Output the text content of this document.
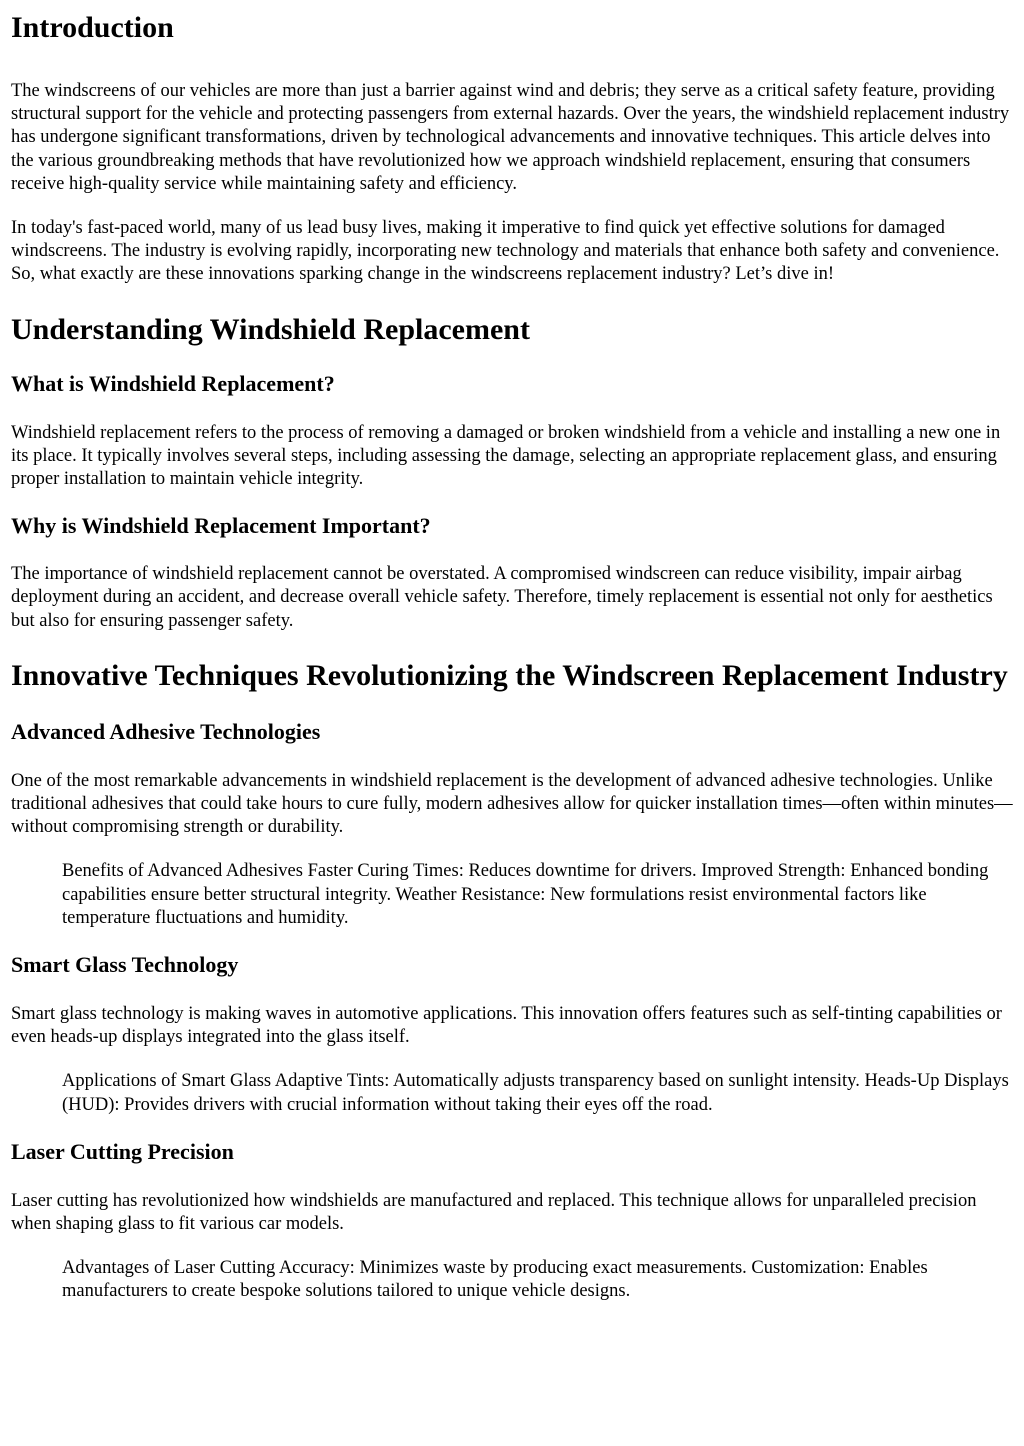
Introduction

The windscreens of our vehicles are more than just a barrier against wind and debris; they serve as a critical safety feature, providing structural support for the vehicle and protecting passengers from external hazards. Over the years, the windshield replacement industry has undergone significant transformations, driven by technological advancements and innovative techniques. This article delves into the various groundbreaking methods that have revolutionized how we approach windshield replacement, ensuring that consumers receive high-quality service while maintaining safety and efficiency.

In today's fast-paced world, many of us lead busy lives, making it imperative to find quick yet effective solutions for damaged windscreens. The industry is evolving rapidly, incorporating new technology and materials that enhance both safety and convenience. So, what exactly are these innovations sparking change in the windscreens replacement industry? Let’s dive in!

Understanding Windshield Replacement
What is Windshield Replacement?

Windshield replacement refers to the process of removing a damaged or broken windshield from a vehicle and installing a new one in its place. It typically involves several steps, including assessing the damage, selecting an appropriate replacement glass, and ensuring proper installation to maintain vehicle integrity.

Why is Windshield Replacement Important?

The importance of windshield replacement cannot be overstated. A compromised windscreen can reduce visibility, impair airbag deployment during an accident, and decrease overall vehicle safety. Therefore, timely replacement is essential not only for aesthetics but also for ensuring passenger safety.

Innovative Techniques Revolutionizing the Windscreen Replacement Industry
Advanced Adhesive Technologies

One of the most remarkable advancements in windshield replacement is the development of advanced adhesive technologies. Unlike traditional adhesives that could take hours to cure fully, modern adhesives allow for quicker installation times—often within minutes—without compromising strength or durability.

Benefits of Advanced Adhesives Faster Curing Times: Reduces downtime for drivers. Improved Strength: Enhanced bonding capabilities ensure better structural integrity. Weather Resistance: New formulations resist environmental factors like temperature fluctuations and humidity.
Smart Glass Technology

Smart glass technology is making waves in automotive applications. This innovation offers features such as self-tinting capabilities or even heads-up displays integrated into the glass itself.

Applications of Smart Glass Adaptive Tints: Automatically adjusts transparency based on sunlight intensity. Heads-Up Displays (HUD): Provides drivers with crucial information without taking their eyes off the road.
Laser Cutting Precision

Laser cutting has revolutionized how windshields are manufactured and replaced. This technique allows for unparalleled precision when shaping glass to fit various car models.

Advantages of Laser Cutting Accuracy: Minimizes waste by producing exact measurements. Customization: Enables manufacturers to create bespoke solutions tailored to unique vehicle designs.
